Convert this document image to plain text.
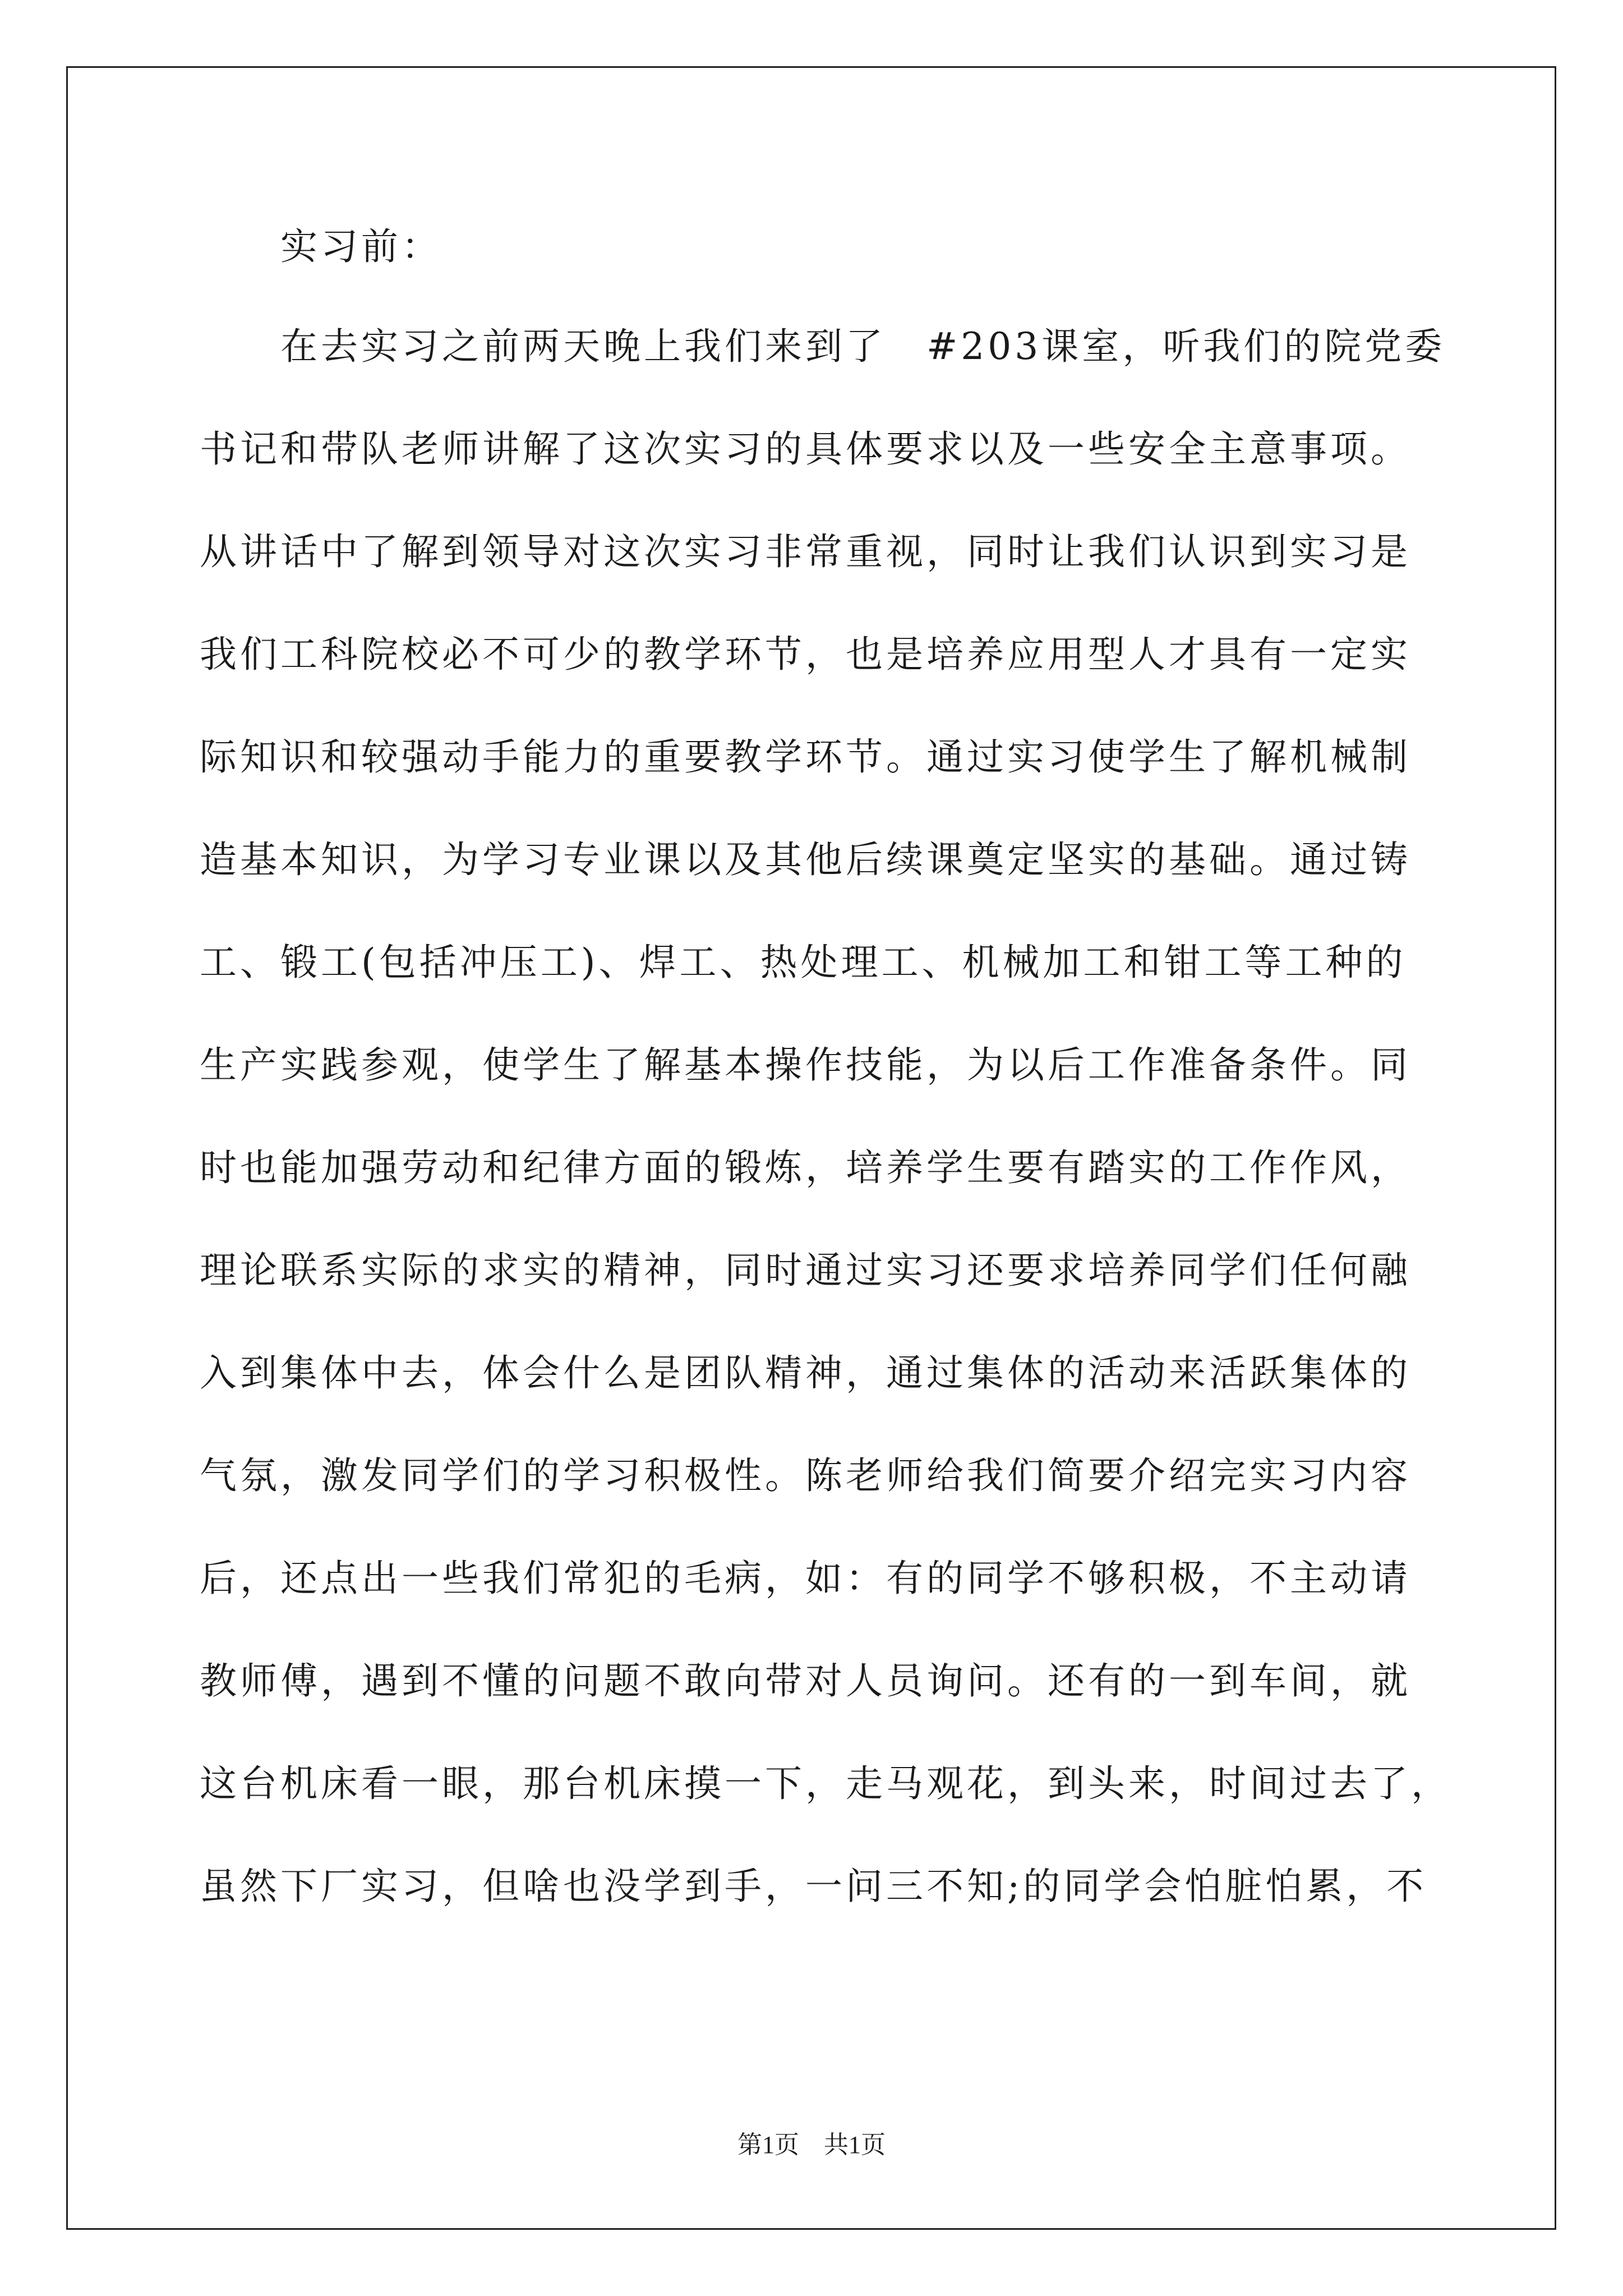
实习前：
在去实习之前两天晚上我们来到了　#203课室，听我们的院党委
书记和带队老师讲解了这次实习的具体要求以及一些安全主意事项。
从讲话中了解到领导对这次实习非常重视，同时让我们认识到实习是
我们工科院校必不可少的教学环节，也是培养应用型人才具有一定实
际知识和较强动手能力的重要教学环节。通过实习使学生了解机械制
造基本知识，为学习专业课以及其他后续课奠定坚实的基础。通过铸
工、锻工(包括冲压工)、焊工、热处理工、机械加工和钳工等工种的
生产实践参观，使学生了解基本操作技能，为以后工作准备条件。同
时也能加强劳动和纪律方面的锻炼，培养学生要有踏实的工作作风，
理论联系实际的求实的精神，同时通过实习还要求培养同学们任何融
入到集体中去，体会什么是团队精神，通过集体的活动来活跃集体的
气氛，激发同学们的学习积极性。陈老师给我们简要介绍完实习内容
后，还点出一些我们常犯的毛病，如：有的同学不够积极，不主动请
教师傅，遇到不懂的问题不敢向带对人员询问。还有的一到车间，就
这台机床看一眼，那台机床摸一下，走马观花，到头来，时间过去了，
虽然下厂实习，但啥也没学到手，一问三不知;的同学会怕脏怕累，不
第1页　共1页
